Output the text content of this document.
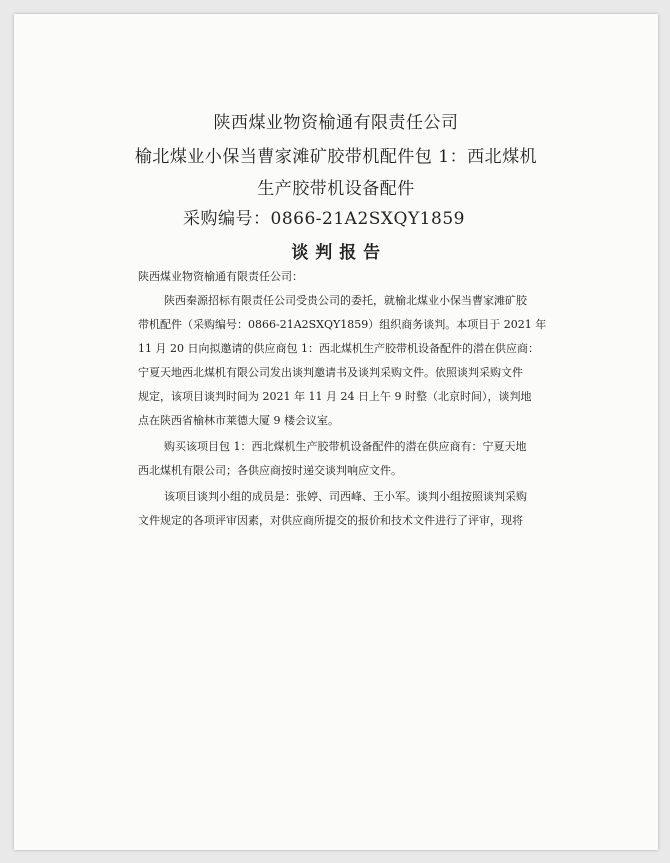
陕西煤业物资榆通有限责任公司
榆北煤业小保当曹家滩矿胶带机配件包 1：西北煤机
生产胶带机设备配件
采购编号：0866-21A2SXQY1859
谈 判 报 告
陕西煤业物资榆通有限责任公司：
陕西秦源招标有限责任公司受贵公司的委托，就榆北煤业小保当曹家滩矿胶
带机配件（采购编号：0866-21A2SXQY1859）组织商务谈判。本项目于 2021 年
11 月 20 日向拟邀请的供应商包 1：西北煤机生产胶带机设备配件的潜在供应商：
宁夏天地西北煤机有限公司发出谈判邀请书及谈判采购文件。依照谈判采购文件
规定，该项目谈判时间为 2021 年 11 月 24 日上午 9 时整（北京时间），谈判地
点在陕西省榆林市莱德大厦 9 楼会议室。
购买该项目包 1：西北煤机生产胶带机设备配件的潜在供应商有：宁夏天地
西北煤机有限公司；各供应商按时递交谈判响应文件。
该项目谈判小组的成员是：张婷、司西峰、王小军。谈判小组按照谈判采购
文件规定的各项评审因素，对供应商所提交的报价和技术文件进行了评审，现将
